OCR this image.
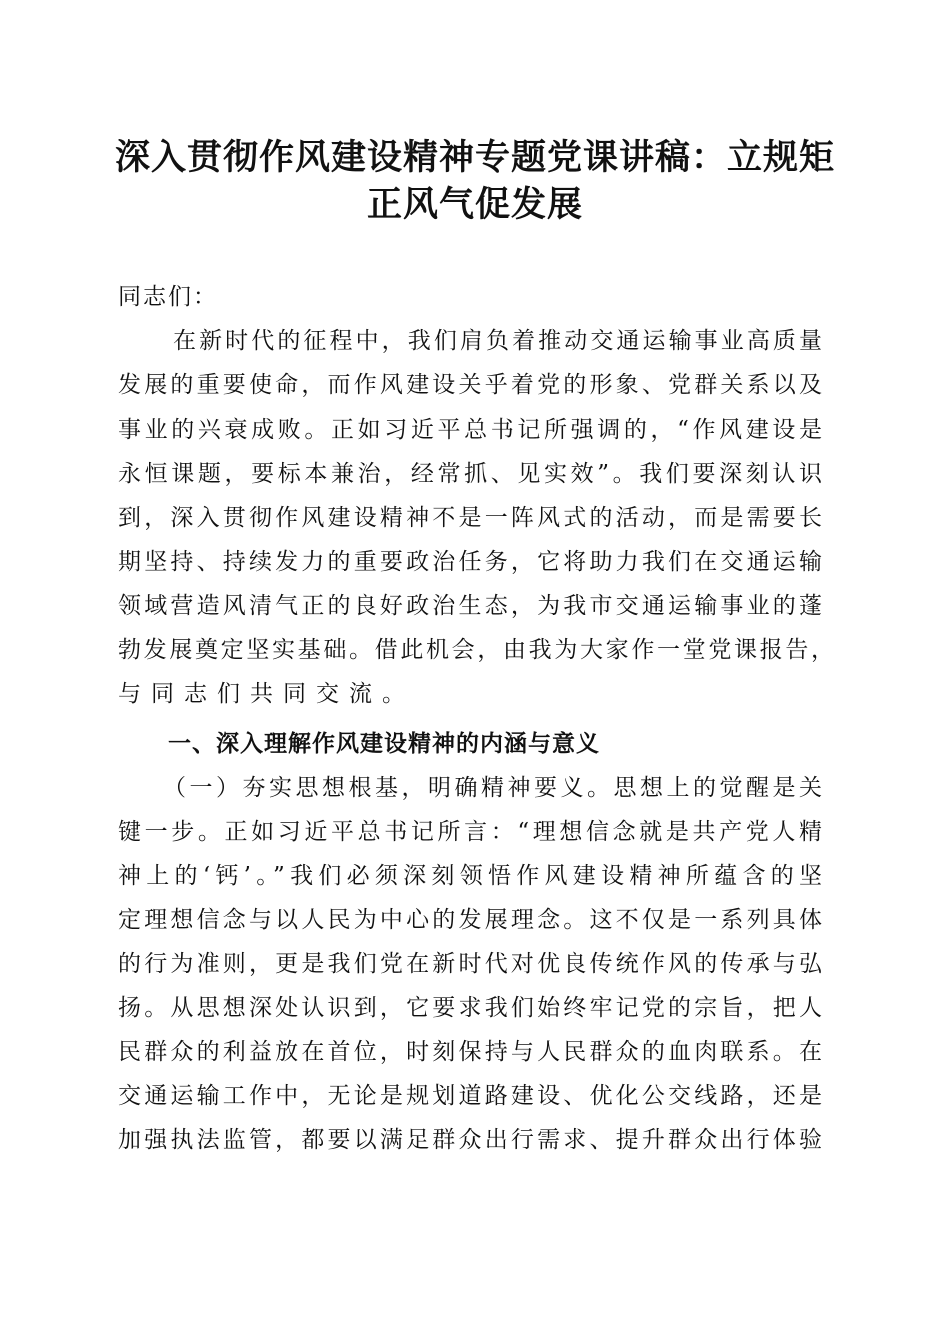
深入贯彻作风建设精神专题党课讲稿：立规矩
正风气促发展
同志们：
在新时代的征程中，我们肩负着推动交通运输事业高质量
发展的重要使命，而作风建设关乎着党的形象、党群关系以及
事业的兴衰成败。正如习近平总书记所强调的，“作风建设是
永恒课题，要标本兼治，经常抓、见实效”。我们要深刻认识
到，深入贯彻作风建设精神不是一阵风式的活动，而是需要长
期坚持、持续发力的重要政治任务，它将助力我们在交通运输
领域营造风清气正的良好政治生态，为我市交通运输事业的蓬
勃发展奠定坚实基础。借此机会，由我为大家作一堂党课报告，
与同志们共同交流。
一、深入理解作风建设精神的内涵与意义
（一）夯实思想根基，明确精神要义。思想上的觉醒是关
键一步。正如习近平总书记所言：“理想信念就是共产党人精
神上的‘钙’。”我们必须深刻领悟作风建设精神所蕴含的坚
定理想信念与以人民为中心的发展理念。这不仅是一系列具体
的行为准则，更是我们党在新时代对优良传统作风的传承与弘
扬。从思想深处认识到，它要求我们始终牢记党的宗旨，把人
民群众的利益放在首位，时刻保持与人民群众的血肉联系。在
交通运输工作中，无论是规划道路建设、优化公交线路，还是
加强执法监管，都要以满足群众出行需求、提升群众出行体验
